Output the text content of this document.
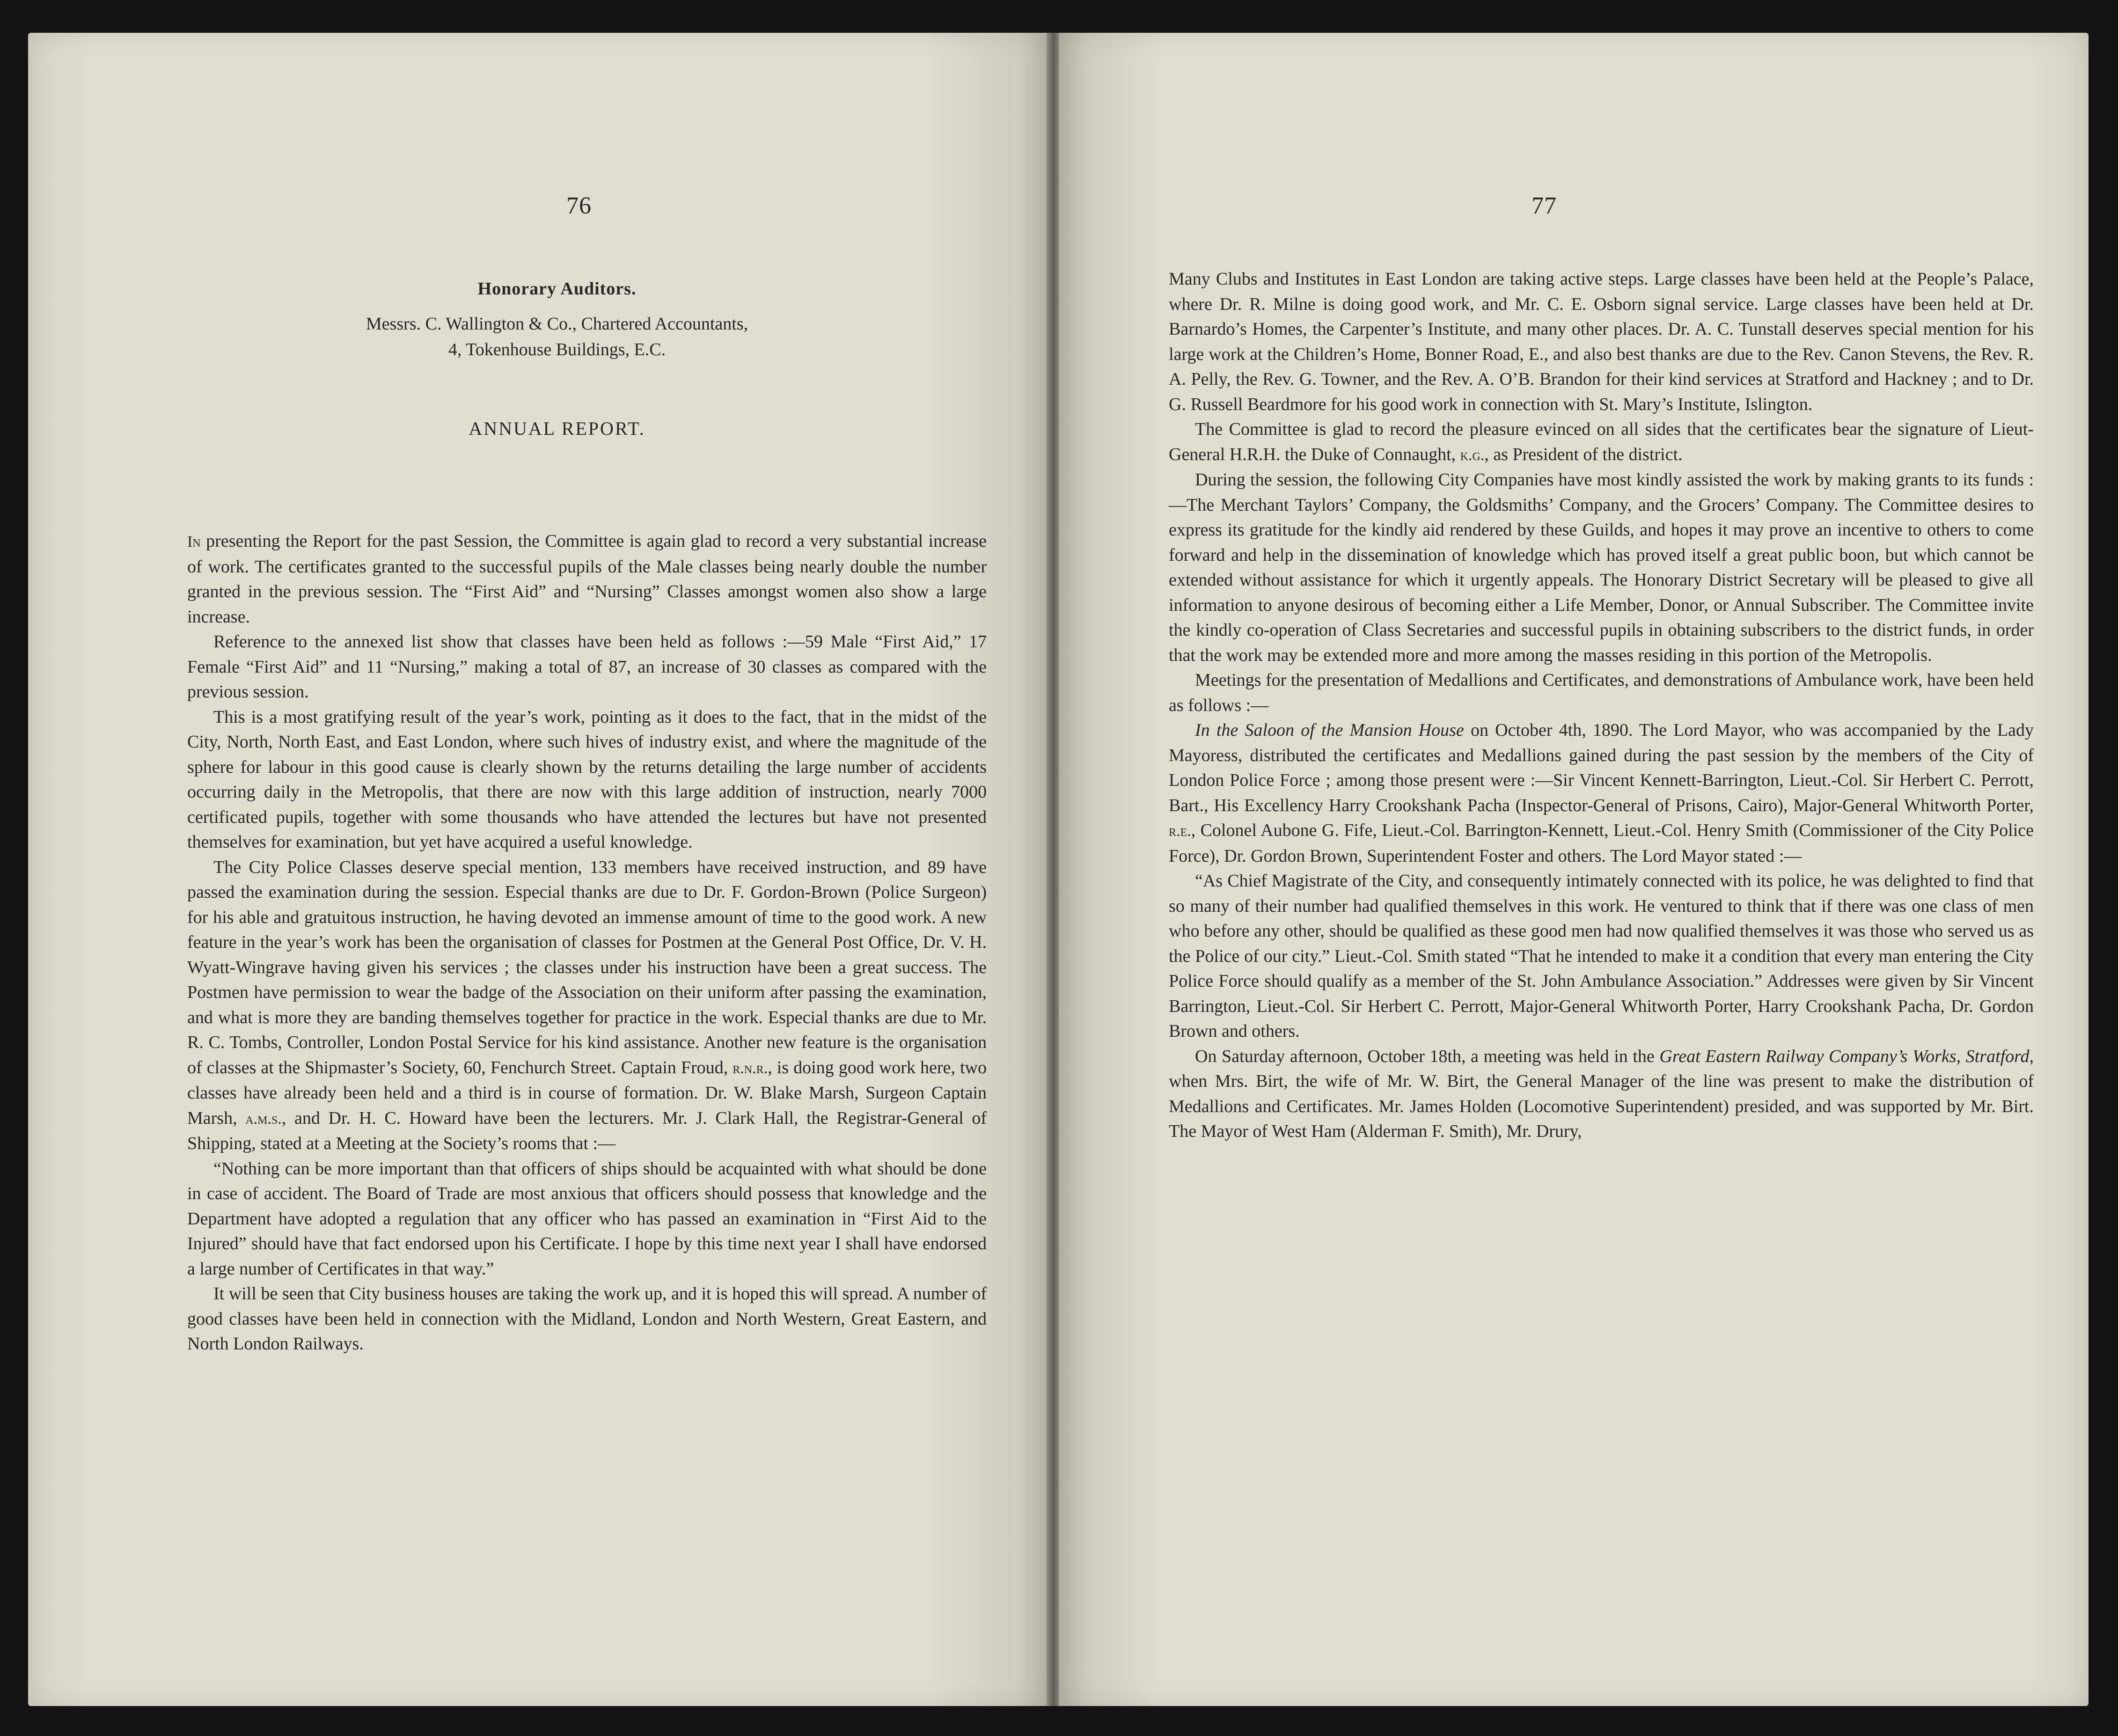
76
Honorary Auditors.
Messrs. C. Wallington & Co., Chartered Accountants,
4, Tokenhouse Buildings, E.C.
ANNUAL REPORT.

In presenting the Report for the past Session, the Committee is again glad to record a very substantial increase of work. The certificates granted to the successful pupils of the Male classes being nearly double the number granted in the previous session. The “First Aid” and “Nursing” Classes amongst women also show a large increase.

Reference to the annexed list show that classes have been held as follows :—59 Male “First Aid,” 17 Female “First Aid” and 11 “Nursing,” making a total of 87, an increase of 30 classes as compared with the previous session.

This is a most gratifying result of the year’s work, pointing as it does to the fact, that in the midst of the City, North, North East, and East London, where such hives of industry exist, and where the magnitude of the sphere for labour in this good cause is clearly shown by the returns detailing the large number of accidents occurring daily in the Metropolis, that there are now with this large addition of instruction, nearly 7000 certificated pupils, together with some thousands who have attended the lectures but have not presented themselves for examination, but yet have acquired a useful knowledge.

The City Police Classes deserve special mention, 133 members have received instruction, and 89 have passed the examination during the session. Especial thanks are due to Dr. F. Gordon-Brown (Police Surgeon) for his able and gratuitous instruction, he having devoted an immense amount of time to the good work. A new feature in the year’s work has been the organisation of classes for Postmen at the General Post Office, Dr. V. H. Wyatt-Wingrave having given his services ; the classes under his instruction have been a great success. The Postmen have permission to wear the badge of the Association on their uniform after passing the examination, and what is more they are banding themselves together for practice in the work. Especial thanks are due to Mr. R. C. Tombs, Controller, London Postal Service for his kind assistance. Another new feature is the organisation of classes at the Shipmaster’s Society, 60, Fenchurch Street. Captain Froud, r.n.r., is doing good work here, two classes have already been held and a third is in course of formation. Dr. W. Blake Marsh, Surgeon Captain Marsh, a.m.s., and Dr. H. C. Howard have been the lecturers. Mr. J. Clark Hall, the Registrar-General of Shipping, stated at a Meeting at the Society’s rooms that :—

“Nothing can be more important than that officers of ships should be acquainted with what should be done in case of accident. The Board of Trade are most anxious that officers should possess that knowledge and the Department have adopted a regulation that any officer who has passed an examination in “First Aid to the Injured” should have that fact endorsed upon his Certificate. I hope by this time next year I shall have endorsed a large number of Certificates in that way.”

It will be seen that City business houses are taking the work up, and it is hoped this will spread. A number of good classes have been held in connection with the Midland, London and North Western, Great Eastern, and North London Railways.

77

Many Clubs and Institutes in East London are taking active steps. Large classes have been held at the People’s Palace, where Dr. R. Milne is doing good work, and Mr. C. E. Osborn signal service. Large classes have been held at Dr. Barnardo’s Homes, the Carpenter’s Institute, and many other places. Dr. A. C. Tunstall deserves special mention for his large work at the Children’s Home, Bonner Road, E., and also best thanks are due to the Rev. Canon Stevens, the Rev. R. A. Pelly, the Rev. G. Towner, and the Rev. A. O’B. Brandon for their kind services at Stratford and Hackney ; and to Dr. G. Russell Beardmore for his good work in connection with St. Mary’s Institute, Islington.

The Committee is glad to record the pleasure evinced on all sides that the certificates bear the signature of Lieut-General H.R.H. the Duke of Connaught, k.g., as President of the district.

During the session, the following City Companies have most kindly assisted the work by making grants to its funds :—The Merchant Taylors’ Company, the Goldsmiths’ Company, and the Grocers’ Company. The Committee desires to express its gratitude for the kindly aid rendered by these Guilds, and hopes it may prove an incentive to others to come forward and help in the dissemination of knowledge which has proved itself a great public boon, but which cannot be extended without assistance for which it urgently appeals. The Honorary District Secretary will be pleased to give all information to anyone desirous of becoming either a Life Member, Donor, or Annual Subscriber. The Committee invite the kindly co-operation of Class Secretaries and successful pupils in obtaining subscribers to the district funds, in order that the work may be extended more and more among the masses residing in this portion of the Metropolis.

Meetings for the presentation of Medallions and Certificates, and demonstrations of Ambulance work, have been held as follows :—

In the Saloon of the Mansion House on October 4th, 1890. The Lord Mayor, who was accompanied by the Lady Mayoress, distributed the certificates and Medallions gained during the past session by the members of the City of London Police Force ; among those present were :—Sir Vincent Kennett-Barrington, Lieut.-Col. Sir Herbert C. Perrott, Bart., His Excellency Harry Crookshank Pacha (Inspector-General of Prisons, Cairo), Major-General Whitworth Porter, r.e., Colonel Aubone G. Fife, Lieut.-Col. Barrington-Kennett, Lieut.-Col. Henry Smith (Commissioner of the City Police Force), Dr. Gordon Brown, Superintendent Foster and others. The Lord Mayor stated :—

“As Chief Magistrate of the City, and consequently intimately connected with its police, he was delighted to find that so many of their number had qualified themselves in this work. He ventured to think that if there was one class of men who before any other, should be qualified as these good men had now qualified themselves it was those who served us as the Police of our city.” Lieut.-Col. Smith stated “That he intended to make it a condition that every man entering the City Police Force should qualify as a member of the St. John Ambulance Association.” Addresses were given by Sir Vincent Barrington, Lieut.-Col. Sir Herbert C. Perrott, Major-General Whitworth Porter, Harry Crookshank Pacha, Dr. Gordon Brown and others.

On Saturday afternoon, October 18th, a meeting was held in the Great Eastern Railway Company’s Works, Stratford, when Mrs. Birt, the wife of Mr. W. Birt, the General Manager of the line was present to make the distribution of Medallions and Certificates. Mr. James Holden (Locomotive Superintendent) presided, and was supported by Mr. Birt. The Mayor of West Ham (Alderman F. Smith), Mr. Drury,
